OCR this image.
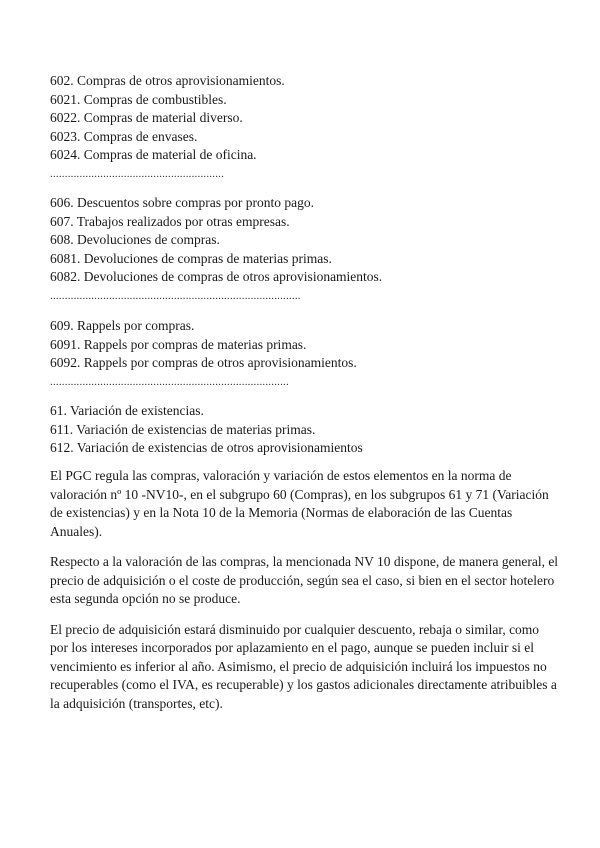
602. Compras de otros aprovisionamientos.
6021. Compras de combustibles.
6022. Compras de material diverso.
6023. Compras de envases.
6024. Compras de material de oficina.
...........................................................
606. Descuentos sobre compras por pronto pago.
607. Trabajos realizados por otras empresas.
608. Devoluciones de compras.
6081. Devoluciones de compras de materias primas.
6082. Devoluciones de compras de otros aprovisionamientos.
.....................................................................................
609. Rappels por compras.
6091. Rappels por compras de materias primas.
6092. Rappels por compras de otros aprovisionamientos.
.................................................................................
61. Variación de existencias.
611. Variación de existencias de materias primas.
612. Variación de existencias de otros aprovisionamientos
El PGC regula las compras, valoración y variación de estos elementos en la norma de valoración nº 10 -NV10-, en el subgrupo 60 (Compras), en los subgrupos 61 y 71 (Variación de existencias) y en la Nota 10 de la Memoria (Normas de elaboración de las Cuentas Anuales).
Respecto a la valoración de las compras, la mencionada NV 10 dispone, de manera general, el precio de adquisición o el coste de producción, según sea el caso, si bien en el sector hotelero esta segunda opción no se produce.
El precio de adquisición estará disminuido por cualquier descuento, rebaja o similar, como por los intereses incorporados por aplazamiento en el pago, aunque se pueden incluir si el vencimiento es inferior al año. Asimismo, el precio de adquisición incluirá los impuestos no recuperables (como el IVA, es recuperable) y los gastos adicionales directamente atribuibles a la adquisición (transportes, etc).
